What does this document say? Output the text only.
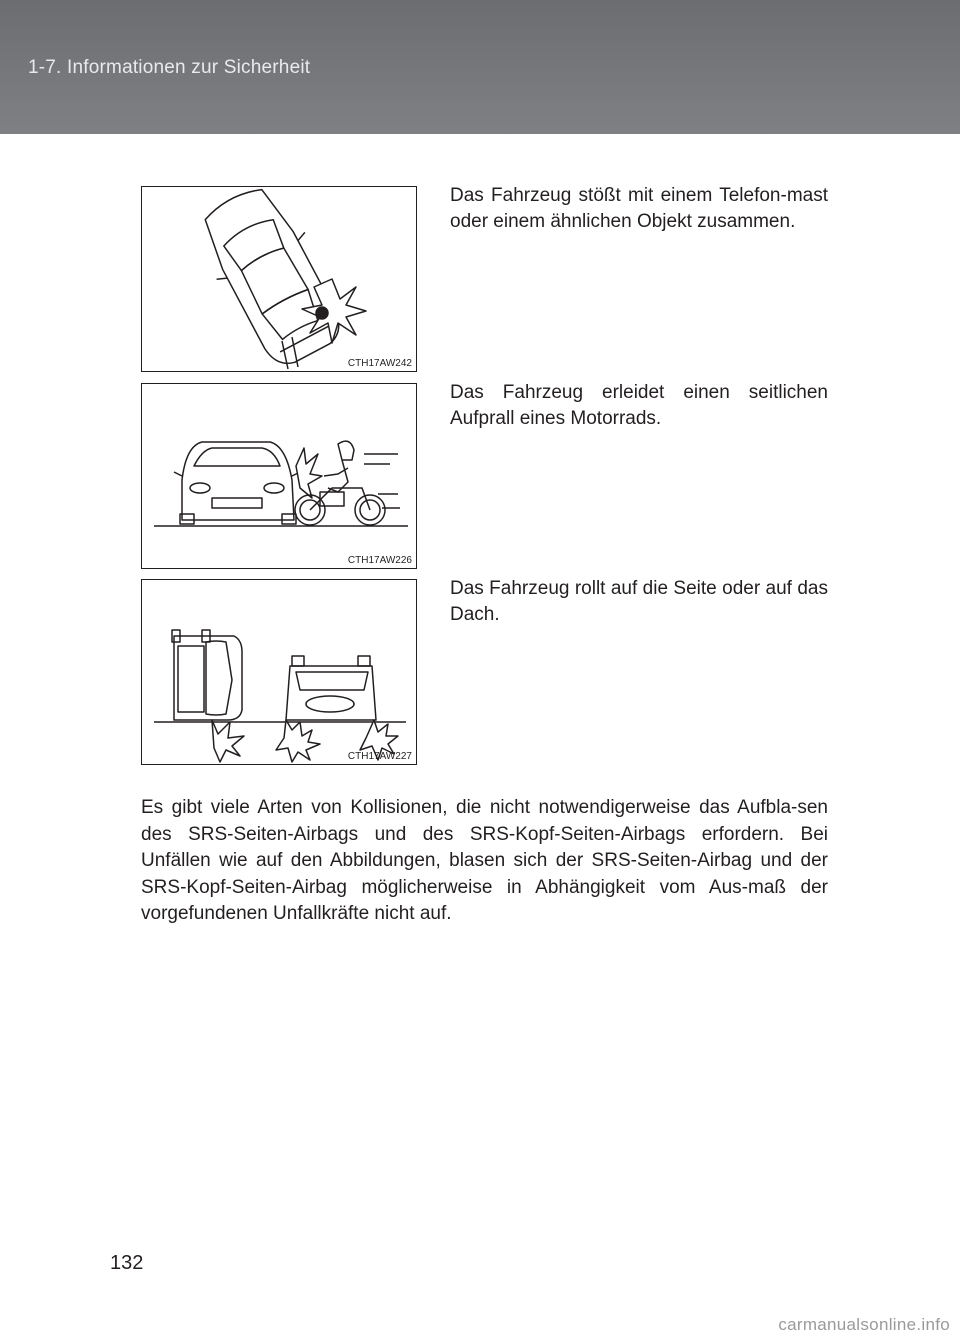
1-7. Informationen zur Sicherheit
CTH17AW242
Das Fahrzeug stößt mit einem Telefon-mast oder einem ähnlichen Objekt zusammen.
CTH17AW226
Das Fahrzeug erleidet einen seitlichen Aufprall eines Motorrads.
CTH17AW227
Das Fahrzeug rollt auf die Seite oder auf das Dach.
Es gibt viele Arten von Kollisionen, die nicht notwendigerweise das Aufbla-sen des SRS-Seiten-Airbags und des SRS-Kopf-Seiten-Airbags erfordern. Bei Unfällen wie auf den Abbildungen, blasen sich der SRS-Seiten-Airbag und der SRS-Kopf-Seiten-Airbag möglicherweise in Abhängigkeit vom Aus-maß der vorgefundenen Unfallkräfte nicht auf.
132
carmanualsonline.info
